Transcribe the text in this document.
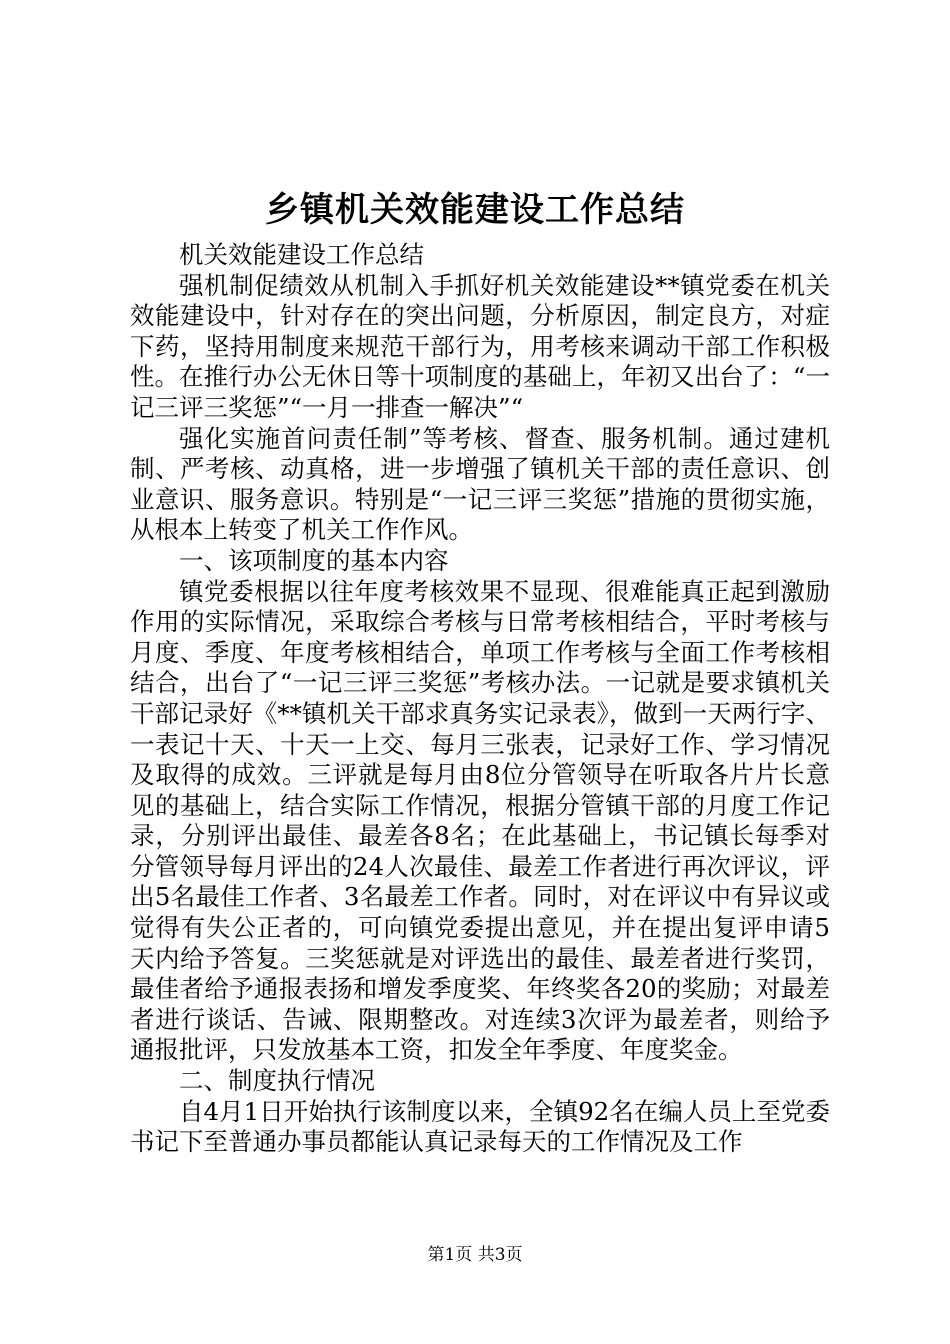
乡镇机关效能建设工作总结

机关效能建设工作总结

强机制促绩效从机制入手抓好机关效能建设**镇党委在机关效能建设中，针对存在的突出问题，分析原因，制定良方，对症下药，坚持用制度来规范干部行为，用考核来调动干部工作积极性。在推行办公无休日等十项制度的基础上，年初又出台了：“一记三评三奖惩”“一月一排查一解决”“

强化实施首问责任制”等考核、督查、服务机制。通过建机制、严考核、动真格，进一步增强了镇机关干部的责任意识、创业意识、服务意识。特别是“一记三评三奖惩”措施的贯彻实施，从根本上转变了机关工作作风。

一、该项制度的基本内容

镇党委根据以往年度考核效果不显现、很难能真正起到激励作用的实际情况，采取综合考核与日常考核相结合，平时考核与月度、季度、年度考核相结合，单项工作考核与全面工作考核相结合，出台了“一记三评三奖惩”考核办法。一记就是要求镇机关干部记录好《**镇机关干部求真务实记录表》，做到一天两行字、一表记十天、十天一上交、每月三张表，记录好工作、学习情况及取得的成效。三评就是每月由8位分管领导在听取各片片长意见的基础上，结合实际工作情况，根据分管镇干部的月度工作记录，分别评出最佳、最差各8名；在此基础上，书记镇长每季对分管领导每月评出的24人次最佳、最差工作者进行再次评议，评出5名最佳工作者、3名最差工作者。同时，对在评议中有异议或觉得有失公正者的，可向镇党委提出意见，并在提出复评申请5天内给予答复。三奖惩就是对评选出的最佳、最差者进行奖罚，最佳者给予通报表扬和增发季度奖、年终奖各20的奖励；对最差者进行谈话、告诫、限期整改。对连续3次评为最差者，则给予通报批评，只发放基本工资，扣发全年季度、年度奖金。

二、制度执行情况

自4月1日开始执行该制度以来，全镇92名在编人员上至党委书记下至普通办事员都能认真记录每天的工作情况及工作

第1页 共3页
